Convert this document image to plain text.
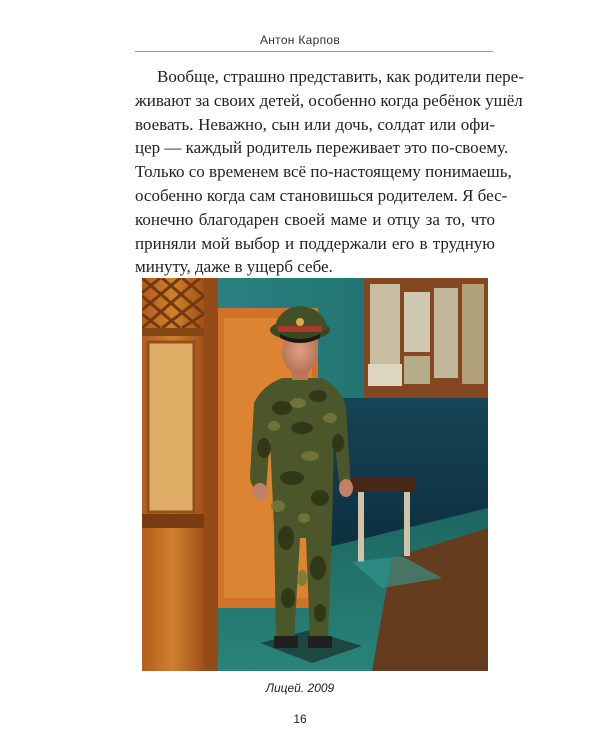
Антон Карпов
Вообще, страшно представить, как родители пере-
живают за своих детей, особенно когда ребёнок ушёл
воевать. Неважно, сын или дочь, солдат или офи-
цер — каждый родитель переживает это по-своему.
Только со временем всё по-настоящему понимаешь,
особенно когда сам становишься родителем. Я бес-
конечно благодарен своей маме и отцу за то, что
приняли мой выбор и поддержали его в трудную
минуту, даже в ущерб себе.
Лицей. 2009
16
